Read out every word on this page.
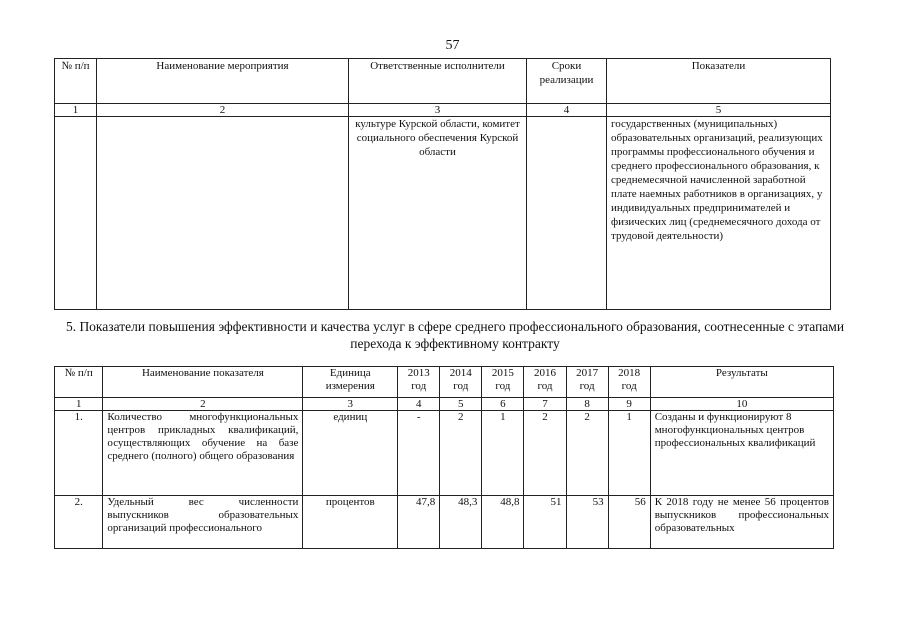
57
№ п/п	Наименование мероприятия	Ответственные исполнители	Сроки реализации	Показатели
1	2	3	4	5
		культуре Курской области, комитет социального обеспечения Курской области		государственных (муниципальных) образовательных организаций, реализующих программы профессионального обучения и среднего профессионального образования, к среднемесячной начисленной заработной плате наемных работников в организациях, у индивидуальных предпринимателей и физических лиц (среднемесячного дохода от трудовой деятельности)
5. Показатели повышения эффективности и качества услуг в сфере среднего профессионального образования, соотнесенные с этапами перехода к эффективному контракту
№ п/п	Наименование показателя	Единица измерения	2013 год	2014 год	2015 год	2016 год	2017 год	2018 год	Результаты
1	2	3	4	5	6	7	8	9	10
1.	Количество многофункциональных центров прикладных квалификаций, осуществляющих обучение на базе среднего (полного) общего образования	единиц	-	2	1	2	2	1	Созданы и функционируют 8 многофункциональных центров профессиональных квалификаций
2.	Удельный вес численности выпускников образовательных организаций профессионального	процентов	47,8	48,3	48,8	51	53	56	К 2018 году не менее 56 процентов выпускников профессиональных образовательных
